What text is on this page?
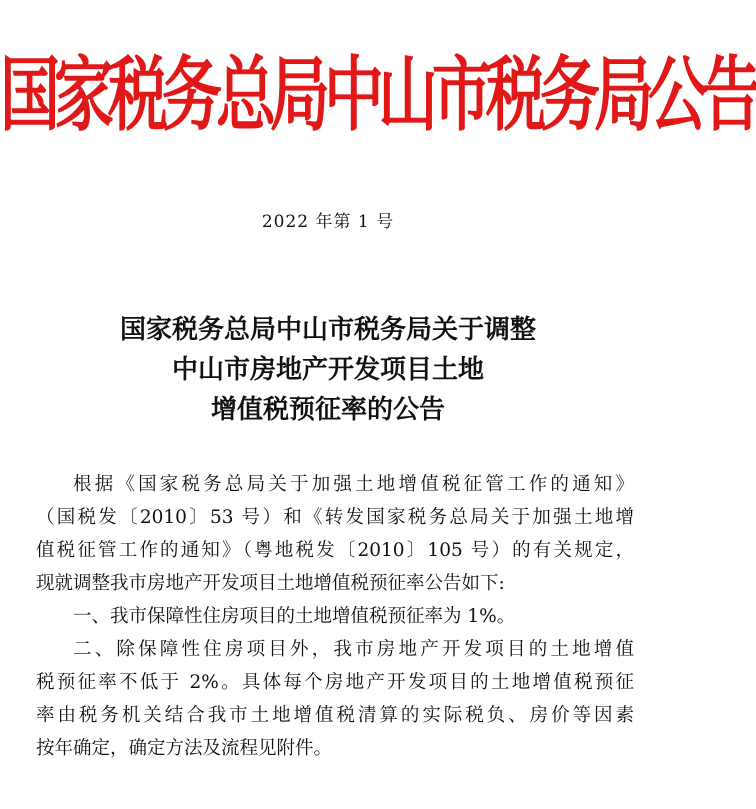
国家税务总局中山市税务局公告
2022 年第 1 号
国家税务总局中山市税务局关于调整
中山市房地产开发项目土地
增值税预征率的公告
根据《国家税务总局关于加强土地增值税征管工作的通知》
（国税发〔2010〕53 号）和《转发国家税务总局关于加强土地增
值税征管工作的通知》（粤地税发〔2010〕105 号）的有关规定，
现就调整我市房地产开发项目土地增值税预征率公告如下:
一、我市保障性住房项目的土地增值税预征率为 1%。
二、除保障性住房项目外，我市房地产开发项目的土地增值
税预征率不低于 2%。具体每个房地产开发项目的土地增值税预征
率由税务机关结合我市土地增值税清算的实际税负、房价等因素
按年确定，确定方法及流程见附件。
